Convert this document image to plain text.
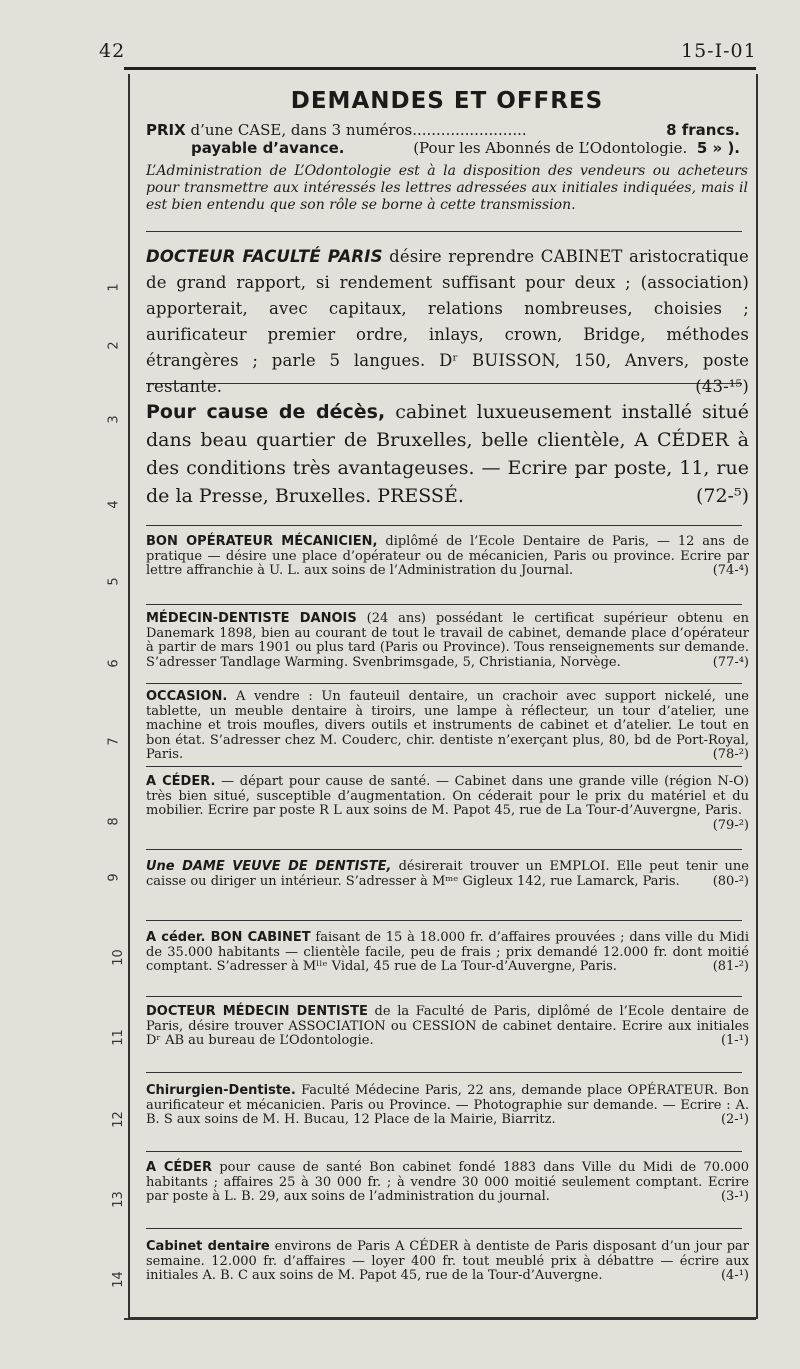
42	15-I-01
1
2
3
4
5
6
7
8
9
10
11
12
13
14
DEMANDES ET OFFRES
PRIX d’une CASE, dans 3 numéros........................	8 francs.
payable d’avance.	(Pour les Abonnés de L’Odontologie. 5 » ).
L’Administration de L’Odontologie est à la disposition des vendeurs ou acheteurs pour transmettre aux intéressés les lettres adressées aux initiales indiquées, mais il est bien entendu que son rôle se borne à cette transmission.

DOCTEUR FACULTÉ PARIS désire reprendre CABINET aristocratique de grand rapport, si rendement suffisant pour deux ; (association) apporterait, avec capitaux, relations nombreuses, choisies ; aurificateur premier ordre, inlays, crown, Bridge, méthodes étrangères ; parle 5 langues. Dʳ BUISSON, 150, Anvers, poste restante.	(43-¹⁵)

Pour cause de décès, cabinet luxueusement installé situé dans beau quartier de Bruxelles, belle clientèle, A CÉDER à des conditions très avantageuses. — Ecrire par poste, 11, rue de la Presse, Bruxelles. PRESSÉ.	(72-⁵)

BON OPÉRATEUR MÉCANICIEN, diplômé de l’Ecole Dentaire de Paris, — 12 ans de pratique — désire une place d’opérateur ou de mécanicien, Paris ou province. Ecrire par lettre affranchie à U. L. aux soins de l’Administration du Journal.	(74-⁴)

MÉDECIN-DENTISTE DANOIS (24 ans) possédant le certificat supérieur obtenu en Danemark 1898, bien au courant de tout le travail de cabinet, demande place d’opérateur à partir de mars 1901 ou plus tard (Paris ou Province). Tous renseignements sur demande. S’adresser Tandlage Warming. Svenbrimsgade, 5, Christiania, Norvège.	(77-⁴)

OCCASION. A vendre : Un fauteuil dentaire, un crachoir avec support nickelé, une tablette, un meuble dentaire à tiroirs, une lampe à réflecteur, un tour d’atelier, une machine et trois moufles, divers outils et instruments de cabinet et d’atelier. Le tout en bon état. S’adresser chez M. Couderc, chir. dentiste n’exerçant plus, 80, bd de Port-Royal, Paris.	(78-²)

A CÉDER. — départ pour cause de santé. — Cabinet dans une grande ville (région N-O) très bien situé, susceptible d’augmentation. On céderait pour le prix du matériel et du mobilier. Ecrire par poste R L aux soins de M. Papot 45, rue de La Tour-d’Auvergne, Paris.
(79-²)

Une DAME VEUVE DE DENTISTE, désirerait trouver un EMPLOI. Elle peut tenir une caisse ou diriger un intérieur. S’adresser à Mᵐᵉ Gigleux 142, rue Lamarck, Paris.	(80-²)

A céder. BON CABINET faisant de 15 à 18.000 fr. d’affaires prouvées ; dans ville du Midi de 35.000 habitants — clientèle facile, peu de frais ; prix demandé 12.000 fr. dont moitié comptant. S’adresser à Mˡˡᵉ Vidal, 45 rue de La Tour-d’Auvergne, Paris.	(81-²)

DOCTEUR MÉDECIN DENTISTE de la Faculté de Paris, diplômé de l’Ecole dentaire de Paris, désire trouver ASSOCIATION ou CESSION de cabinet dentaire. Ecrire aux initiales Dʳ AB au bureau de L’Odontologie.	(1-¹)

Chirurgien-Dentiste. Faculté Médecine Paris, 22 ans, demande place OPÉRATEUR. Bon aurificateur et mécanicien. Paris ou Province. — Photographie sur demande. — Ecrire : A. B. S aux soins de M. H. Bucau, 12 Place de la Mairie, Biarritz.	(2-¹)

A CÉDER pour cause de santé Bon cabinet fondé 1883 dans Ville du Midi de 70.000 habitants ; affaires 25 à 30 000 fr. ; à vendre 30 000 moitié seulement comptant. Ecrire par poste à L. B. 29, aux soins de l’administration du journal.	(3-¹)

Cabinet dentaire environs de Paris A CÉDER à dentiste de Paris disposant d’un jour par semaine. 12.000 fr. d’affaires — loyer 400 fr. tout meublé prix à débattre — écrire aux initiales A. B. C aux soins de M. Papot 45, rue de la Tour-d’Auvergne.	(4-¹)
